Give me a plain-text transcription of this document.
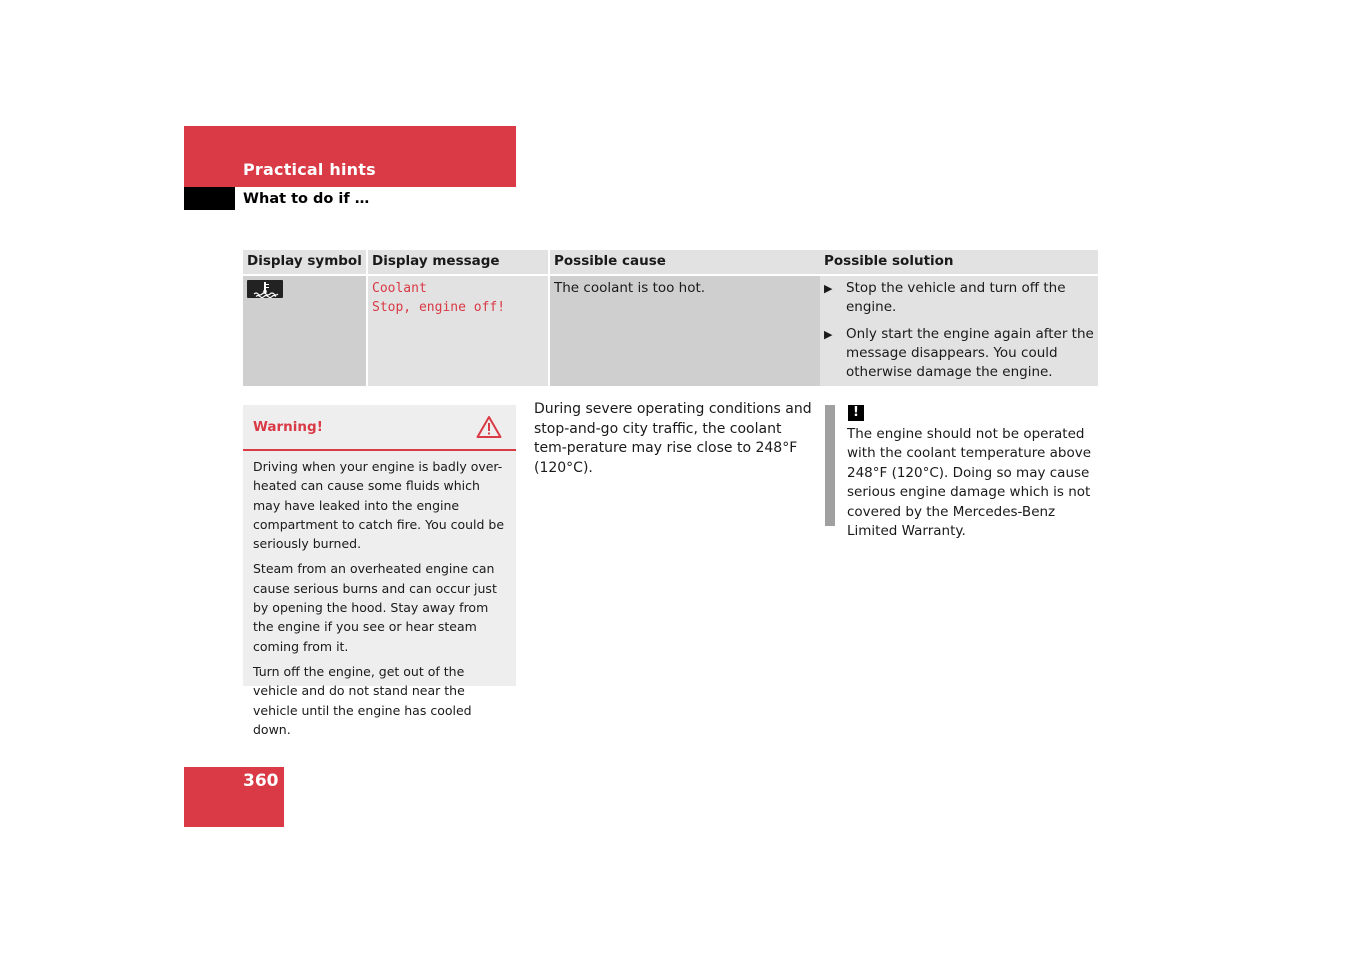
Practical hints
What to do if …
Display symbol Display message
Coolant
Stop, engine off!
Possible cause
The coolant is too hot.
Possible solution
▶ Stop the vehicle and turn off the engine.
▶ Only start the engine again after the message disappears. You could otherwise damage the engine.
Warning!

Driving when your engine is badly over-heated can cause some fluids which may have leaked into the engine compartment to catch fire. You could be seriously burned.

Steam from an overheated engine can cause serious burns and can occur just by opening the hood. Stay away from the engine if you see or hear steam coming from it.

Turn off the engine, get out of the vehicle and do not stand near the vehicle until the engine has cooled down.

During severe operating conditions and stop-and-go city traffic, the coolant tem-perature may rise close to 248°F (120°C).
!
The engine should not be operated with the coolant temperature above 248°F (120°C). Doing so may cause serious engine damage which is not covered by the Mercedes-Benz Limited Warranty.
360
